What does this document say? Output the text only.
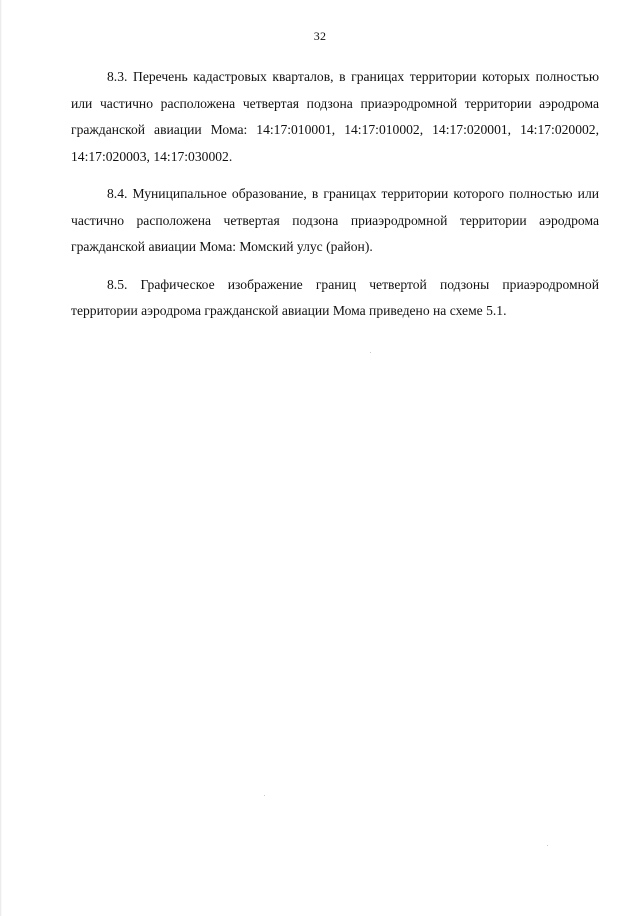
32

8.3. Перечень кадастровых кварталов, в границах территории которых полностью или частично расположена четвертая подзона приаэродромной территории аэродрома гражданской авиации Мома: 14:17:010001, 14:17:010002, 14:17:020001, 14:17:020002, 14:17:020003, 14:17:030002.

8.4. Муниципальное образование, в границах территории которого полностью или частично расположена четвертая подзона приаэродромной территории аэродрома гражданской авиации Мома: Момский улус (район).

8.5. Графическое изображение границ четвертой подзоны приаэродромной территории аэродрома гражданской авиации Мома приведено на схеме 5.1.
